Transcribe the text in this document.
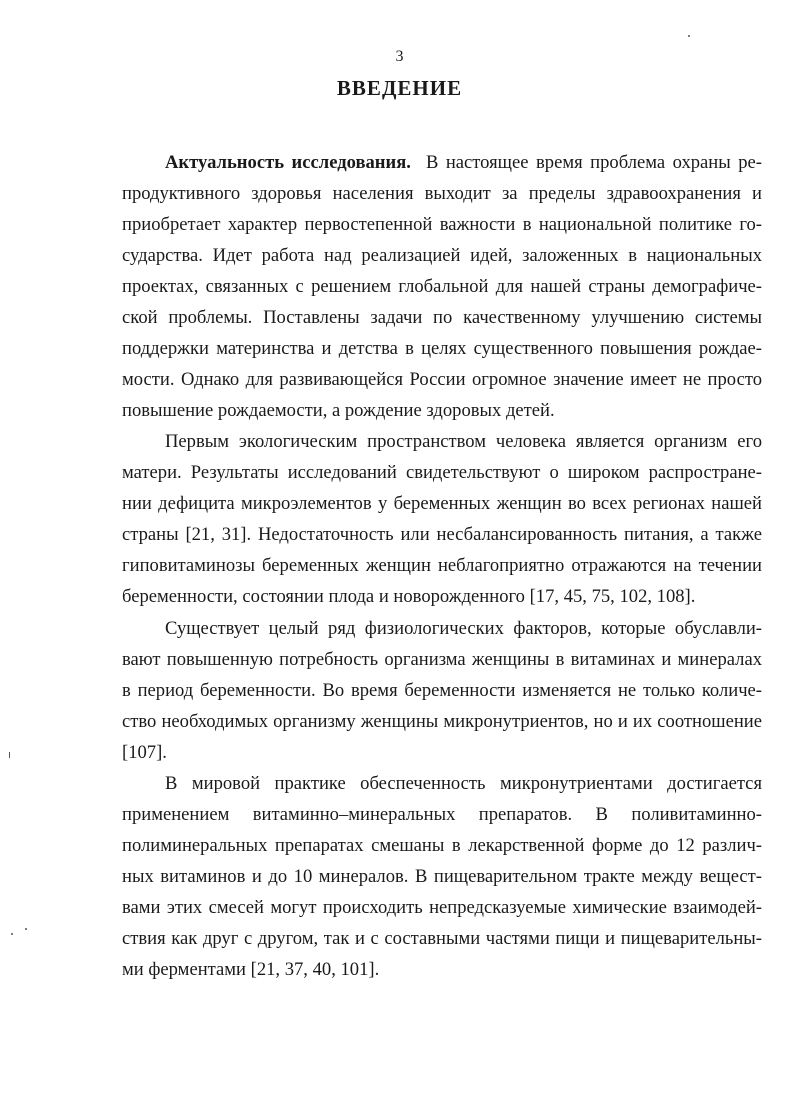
3
ВВЕДЕНИЕ
Актуальность исследования. В настоящее время проблема охраны ре-
продуктивного здоровья населения выходит за пределы здравоохранения и
приобретает характер первостепенной важности в национальной политике го-
сударства. Идет работа над реализацией идей, заложенных в национальных
проектах, связанных с решением глобальной для нашей страны демографиче-
ской проблемы. Поставлены задачи по качественному улучшению системы
поддержки материнства и детства в целях существенного повышения рождае-
мости. Однако для развивающейся России огромное значение имеет не просто
повышение рождаемости, а рождение здоровых детей.
Первым экологическим пространством человека является организм его
матери. Результаты исследований свидетельствуют о широком распростране-
нии дефицита микроэлементов у беременных женщин во всех регионах нашей
страны [21, 31]. Недостаточность или несбалансированность питания, а также
гиповитаминозы беременных женщин неблагоприятно отражаются на течении
беременности, состоянии плода и новорожденного [17, 45, 75, 102, 108].
Существует целый ряд физиологических факторов, которые обуславли-
вают повышенную потребность организма женщины в витаминах и минералах
в период беременности. Во время беременности изменяется не только количе-
ство необходимых организму женщины микронутриентов, но и их соотношение
[107].
В мировой практике обеспеченность микронутриентами достигается
применением витаминно–минеральных препаратов. В поливитаминно-
полиминеральных препаратах смешаны в лекарственной форме до 12 различ-
ных витаминов и до 10 минералов. В пищеварительном тракте между вещест-
вами этих смесей могут происходить непредсказуемые химические взаимодей-
ствия как друг с другом, так и с составными частями пищи и пищеварительны-
ми ферментами [21, 37, 40, 101].
